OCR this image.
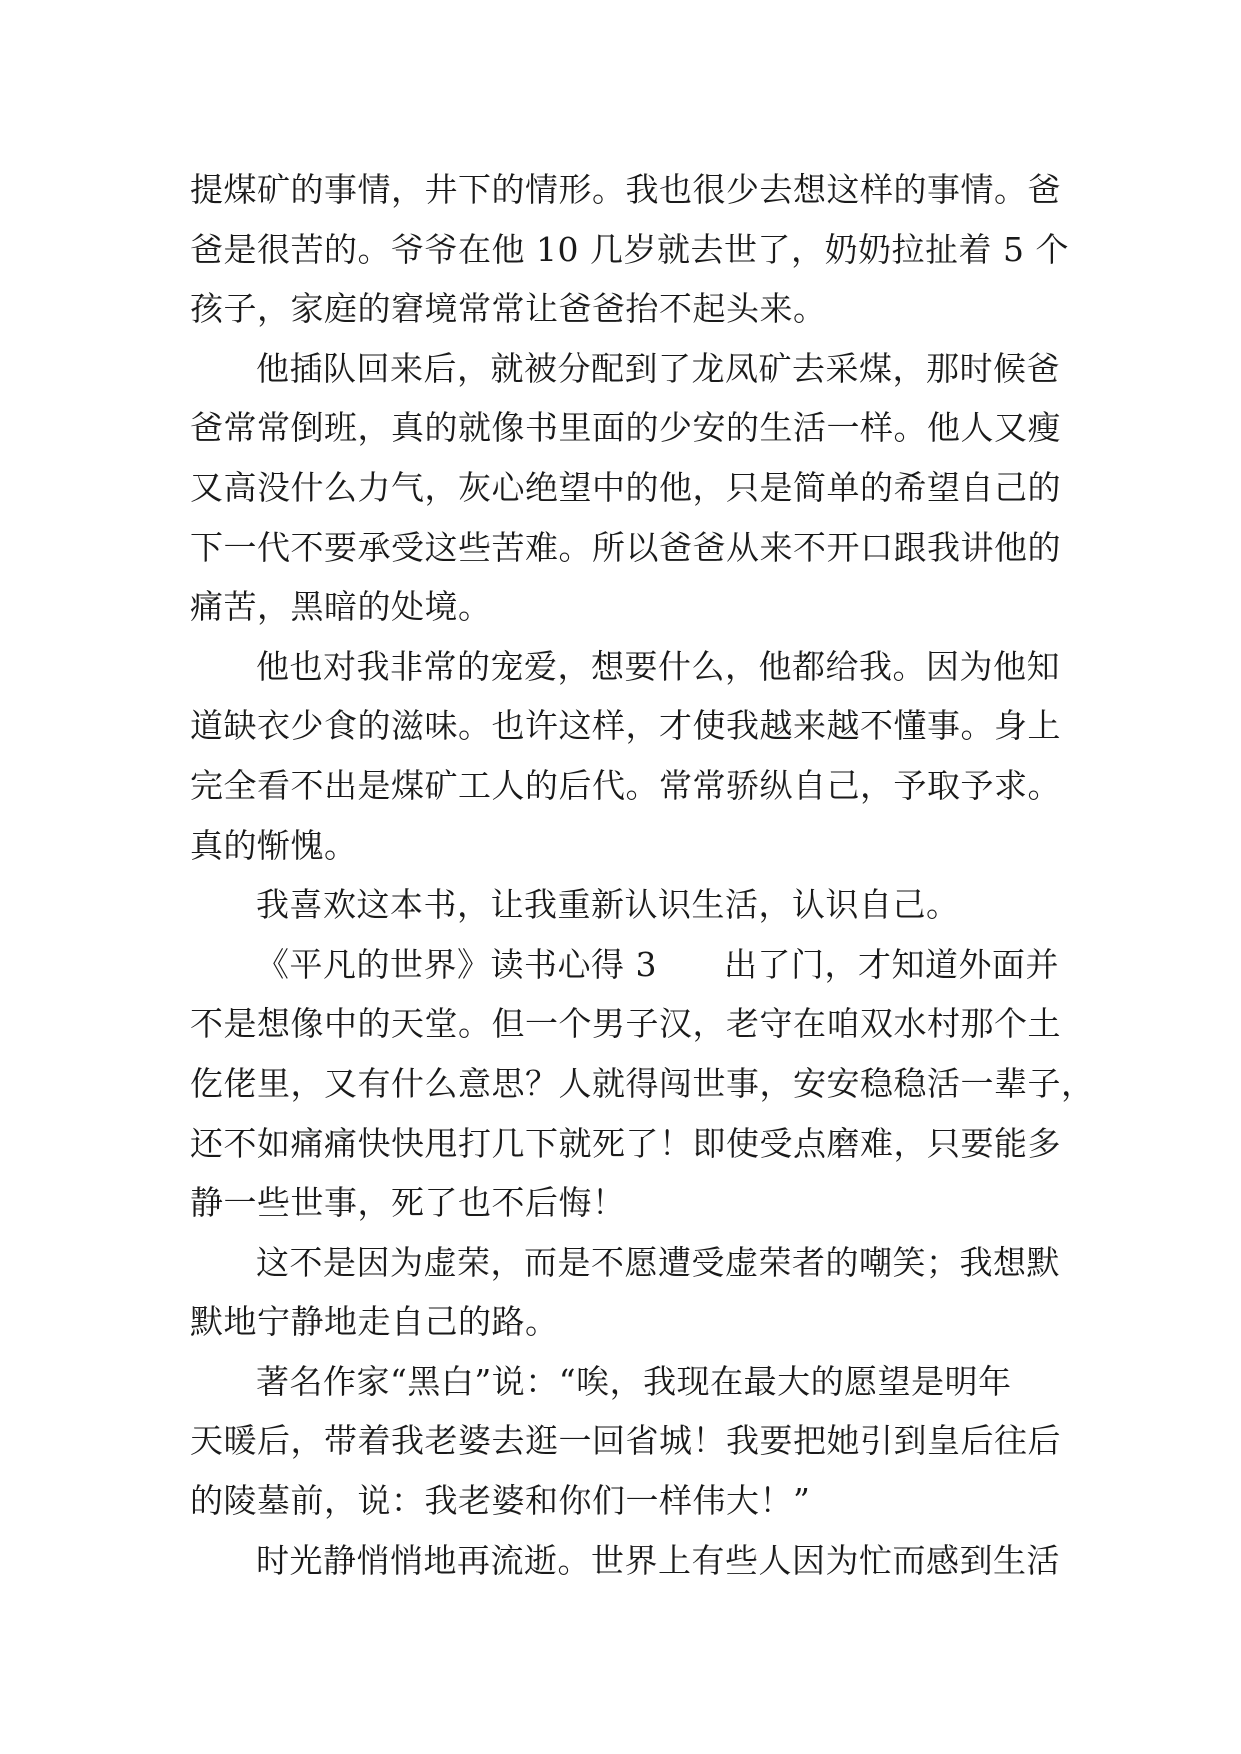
提煤矿的事情，井下的情形。我也很少去想这样的事情。爸
爸是很苦的。爷爷在他 10 几岁就去世了，奶奶拉扯着 5 个
孩子，家庭的窘境常常让爸爸抬不起头来。
他插队回来后，就被分配到了龙凤矿去采煤，那时候爸
爸常常倒班，真的就像书里面的少安的生活一样。他人又瘦
又高没什么力气，灰心绝望中的他，只是简单的希望自己的
下一代不要承受这些苦难。所以爸爸从来不开口跟我讲他的
痛苦，黑暗的处境。
他也对我非常的宠爱，想要什么，他都给我。因为他知
道缺衣少食的滋味。也许这样，才使我越来越不懂事。身上
完全看不出是煤矿工人的后代。常常骄纵自己，予取予求。
真的惭愧。
我喜欢这本书，让我重新认识生活，认识自己。
《平凡的世界》读书心得 3　　出了门，才知道外面并
不是想像中的天堂。但一个男子汉，老守在咱双水村那个土
仡佬里，又有什么意思？人就得闯世事，安安稳稳活一辈子，
还不如痛痛快快甩打几下就死了！即使受点磨难，只要能多
静一些世事，死了也不后悔！
这不是因为虚荣，而是不愿遭受虚荣者的嘲笑；我想默
默地宁静地走自己的路。
著名作家“黑白”说：“唉，我现在最大的愿望是明年
天暖后，带着我老婆去逛一回省城！我要把她引到皇后往后
的陵墓前，说：我老婆和你们一样伟大！”
时光静悄悄地再流逝。世界上有些人因为忙而感到生活
